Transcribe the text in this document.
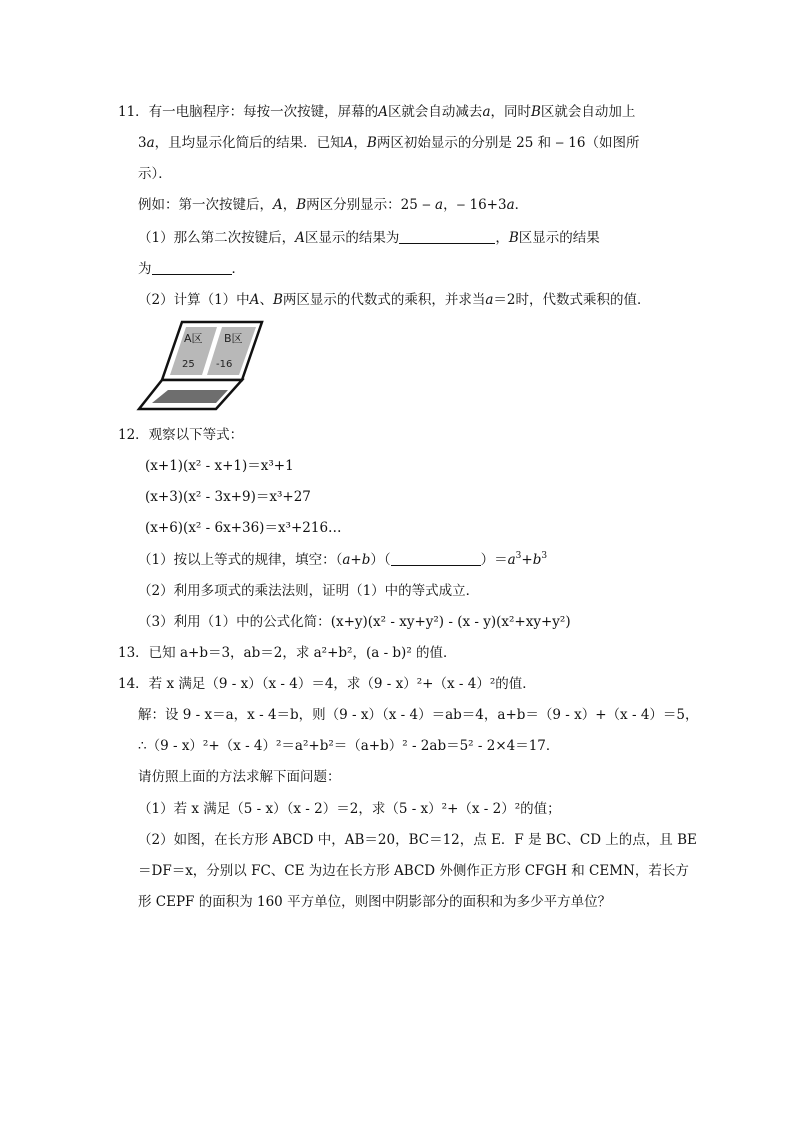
11．有一电脑程序：每按一次按键，屏幕的A区就会自动减去a，同时B区就会自动加上
3a，且均显示化简后的结果．已知A，B两区初始显示的分别是 25 和 ‒ 16（如图所
示）．
例如：第一次按键后，A，B两区分别显示：25 ‒ a，‒ 16+3a．
（1）那么第二次按键后，A区显示的结果为	，B区显示的结果
为	．
（2）计算（1）中A、B两区显示的代数式的乘积，并求当a＝2时，代数式乘积的值．
A区 B区
25 -16
12．观察以下等式：
(x+1)(x² - x+1)＝x³+1
(x+3)(x² - 3x+9)＝x³+27
(x+6)(x² - 6x+36)＝x³+216…
（1）按以上等式的规律，填空：（a+b）（	）$=a^3+b^3$
（2）利用多项式的乘法法则，证明（1）中的等式成立．
（3）利用（1）中的公式化简：(x+y)(x² - xy+y²) - (x - y)(x²+xy+y²)
13．已知 a+b＝3，ab＝2，求 a²+b²，(a - b)² 的值．
14．若 x 满足（9 - x）（x - 4）＝4，求（9 - x）²+（x - 4）²的值．
解：设 9 - x＝a，x - 4＝b，则（9 - x）（x - 4）＝ab＝4，a+b＝（9 - x）+（x - 4）＝5，
∴（9 - x）²+（x - 4）²＝a²+b²＝（a+b）² - 2ab＝5² - 2×4＝17．
请仿照上面的方法求解下面问题：
（1）若 x 满足（5 - x）（x - 2）＝2，求（5 - x）²+（x - 2）²的值；
（2）如图，在长方形 ABCD 中，AB＝20，BC＝12，点 E．F 是 BC、CD 上的点，且 BE
＝DF＝x，分别以 FC、CE 为边在长方形 ABCD 外侧作正方形 CFGH 和 CEMN，若长方
形 CEPF 的面积为 160 平方单位，则图中阴影部分的面积和为多少平方单位？
